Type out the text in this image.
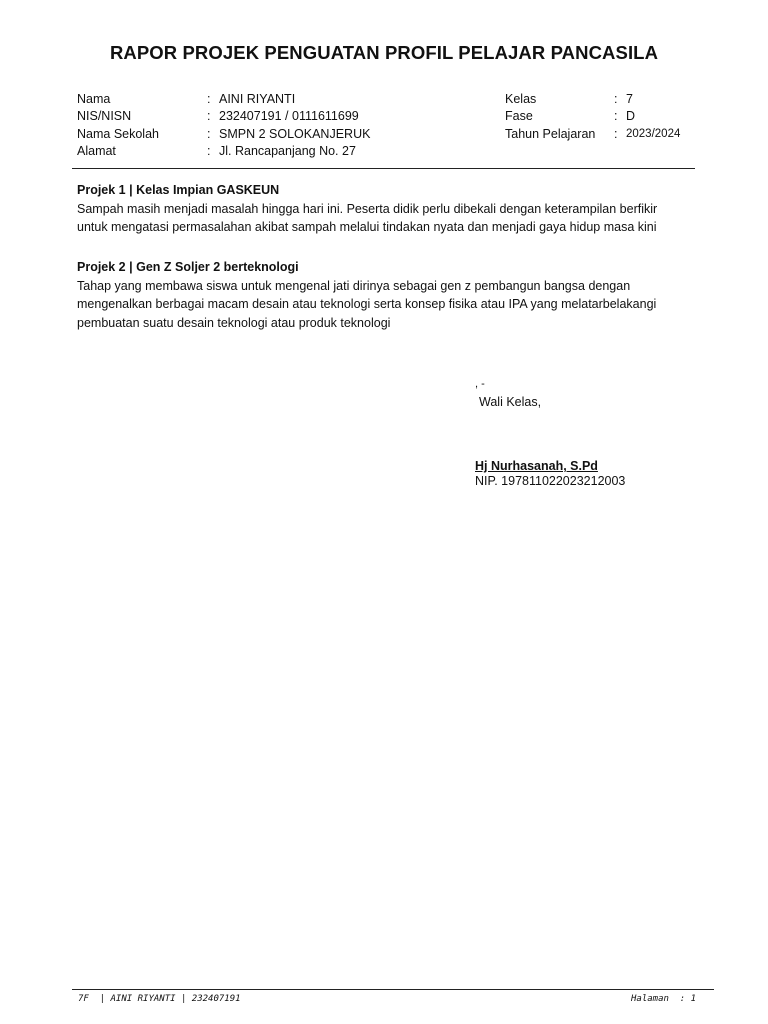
RAPOR PROJEK PENGUATAN PROFIL PELAJAR PANCASILA
Nama	: AINI RIYANTI
NIS/NISN	: 232407191 / 0111611699
Nama Sekolah	: SMPN 2 SOLOKANJERUK
Alamat	: Jl. Rancapanjang No. 27
Kelas	: 7
Fase	: D
Tahun Pelajaran	: 2023/2024
Projek 1 | Kelas Impian GASKEUN
Sampah masih menjadi masalah hingga hari ini. Peserta didik perlu dibekali dengan keterampilan berfikir
untuk mengatasi permasalahan akibat sampah melalui tindakan nyata dan menjadi gaya hidup masa kini
Projek 2 | Gen Z Soljer 2 berteknologi
Tahap yang membawa siswa untuk mengenal jati dirinya sebagai gen z pembangun bangsa dengan
mengenalkan berbagai macam desain atau teknologi serta konsep fisika atau IPA yang melatarbelakangi
pembuatan suatu desain teknologi atau produk teknologi
, -
Wali Kelas,
Hj Nurhasanah, S.Pd
NIP. 197811022023212003
7F  | AINI RIYANTI | 232407191	Halaman  : 1
